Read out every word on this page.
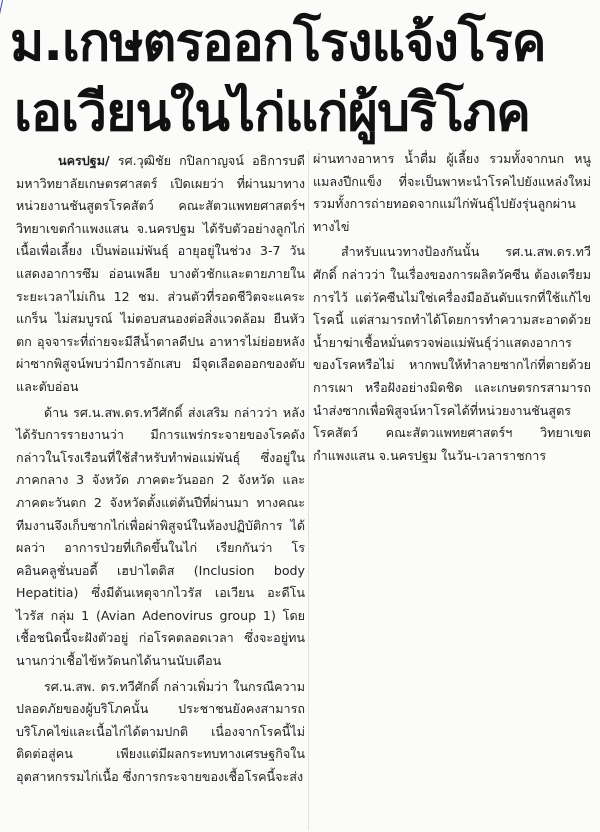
ม.เกษตรออกโรงแจ้งโรค
เอเวียนในไก่แก่ผู้บริโภค

นครปฐม/ รศ.วุฒิชัย กปิลกาญจน์ อธิการบดีมหาวิทยาลัยเกษตรศาสตร์ เปิดเผยว่า ที่ผ่านมาทางหน่วยงานชันสูตรโรคสัตว์ คณะสัตวแพทยศาสตร์ฯ วิทยาเขตกำแพงแสน จ.นครปฐม ได้รับตัวอย่างลูกไก่เนื้อเพื่อเลี้ยง เป็นพ่อแม่พันธุ์ อายุอยู่ในช่วง 3-7 วัน แสดงอาการซึม อ่อนเพลีย บางตัวชักและตายภายในระยะเวลาไม่เกิน 12 ชม. ส่วนตัวที่รอดชีวิตจะแคระแกร็น ไม่สมบูรณ์ ไม่ตอบสนองต่อสิ่งแวดล้อม ยืนหัวตก อุจจาระที่ถ่ายจะมีสีน้ำตาลดีปน อาหารไม่ย่อยหลังผ่าซากพิสูจน์พบว่ามีการอักเสบ มีจุดเลือดออกของตับและตับอ่อน

ด้าน รศ.น.สพ.ดร.ทวีศักดิ์ ส่งเสริม กล่าวว่า หลังได้รับการรายงานว่า มีการแพร่กระจายของโรคดังกล่าวในโรงเรือนที่ใช้สำหรับทำพ่อแม่พันธุ์ ซึ่งอยู่ในภาคกลาง 3 จังหวัด ภาคตะวันออก 2 จังหวัด และภาคตะวันตก 2 จังหวัดตั้งแต่ต้นปีที่ผ่านมา ทางคณะทีมงานจึงเก็บซากไก่เพื่อผ่าพิสูจน์ในห้องปฏิบัติการ ได้ผลว่า อาการป่วยที่เกิดขึ้นในไก่ เรียกกันว่า โรคอินคลูชั่นบอดี้ เฮปาไตติส (Inclusion body Hepatitia) ซึ่งมีต้นเหตุจากไวรัส เอเวียน อะดีโนไวรัส กลุ่ม 1 (Avian Adenovirus group 1) โดยเชื้อชนิดนี้จะฝังตัวอยู่ ก่อโรคตลอดเวลา ซึ่งจะอยู่ทนนานกว่าเชื้อไข้หวัดนกได้นานนับเดือน

รศ.น.สพ. ดร.ทวีศักดิ์ กล่าวเพิ่มว่า ในกรณีความปลอดภัยของผู้บริโภคนั้น ประชาชนยังคงสามารถบริโภคไข่และเนื้อไก่ได้ตามปกติ เนื่องจากโรคนี้ไม่ติดต่อสู่คน เพียงแต่มีผลกระทบทางเศรษฐกิจในอุตสาหกรรมไก่เนื้อ ซึ่งการกระจายของเชื้อโรคนี้จะส่ง

ผ่านทางอาหาร น้ำดื่ม ผู้เลี้ยง รวมทั้งจากนก หนู แมลงปีกแข็ง ที่จะเป็นพาหะนำโรคไปยังแหล่งใหม่ รวมทั้งการถ่ายทอดจากแม่ไก่พันธุ์ไปยังรุ่นลูกผ่านทางไข่

สำหรับแนวทางป้องกันนั้น รศ.น.สพ.ดร.ทวีศักดิ์ กล่าวว่า ในเรื่องของการผลิตวัคซีน ต้องเตรียมการไว้ แต่วัคซีนไม่ใช่เครื่องมืออันดับแรกที่ใช้แก้ไขโรคนี้ แต่สามารถทำได้โดยการทำความสะอาดด้วยน้ำยาฆ่าเชื้อหมั่นตรวจพ่อแม่พันธุ์ว่าแสดงอาการของโรคหรือไม่ หากพบให้ทำลายซากไก่ที่ตายด้วยการเผา หรือฝังอย่างมิดชิด และเกษตรกรสามารถนำส่งซากเพื่อพิสูจน์หาโรคได้ที่หน่วยงานชันสูตรโรคสัตว์ คณะสัตวแพทยศาสตร์ฯ วิทยาเขตกำแพงแสน จ.นครปฐม ในวัน-เวลาราชการ
